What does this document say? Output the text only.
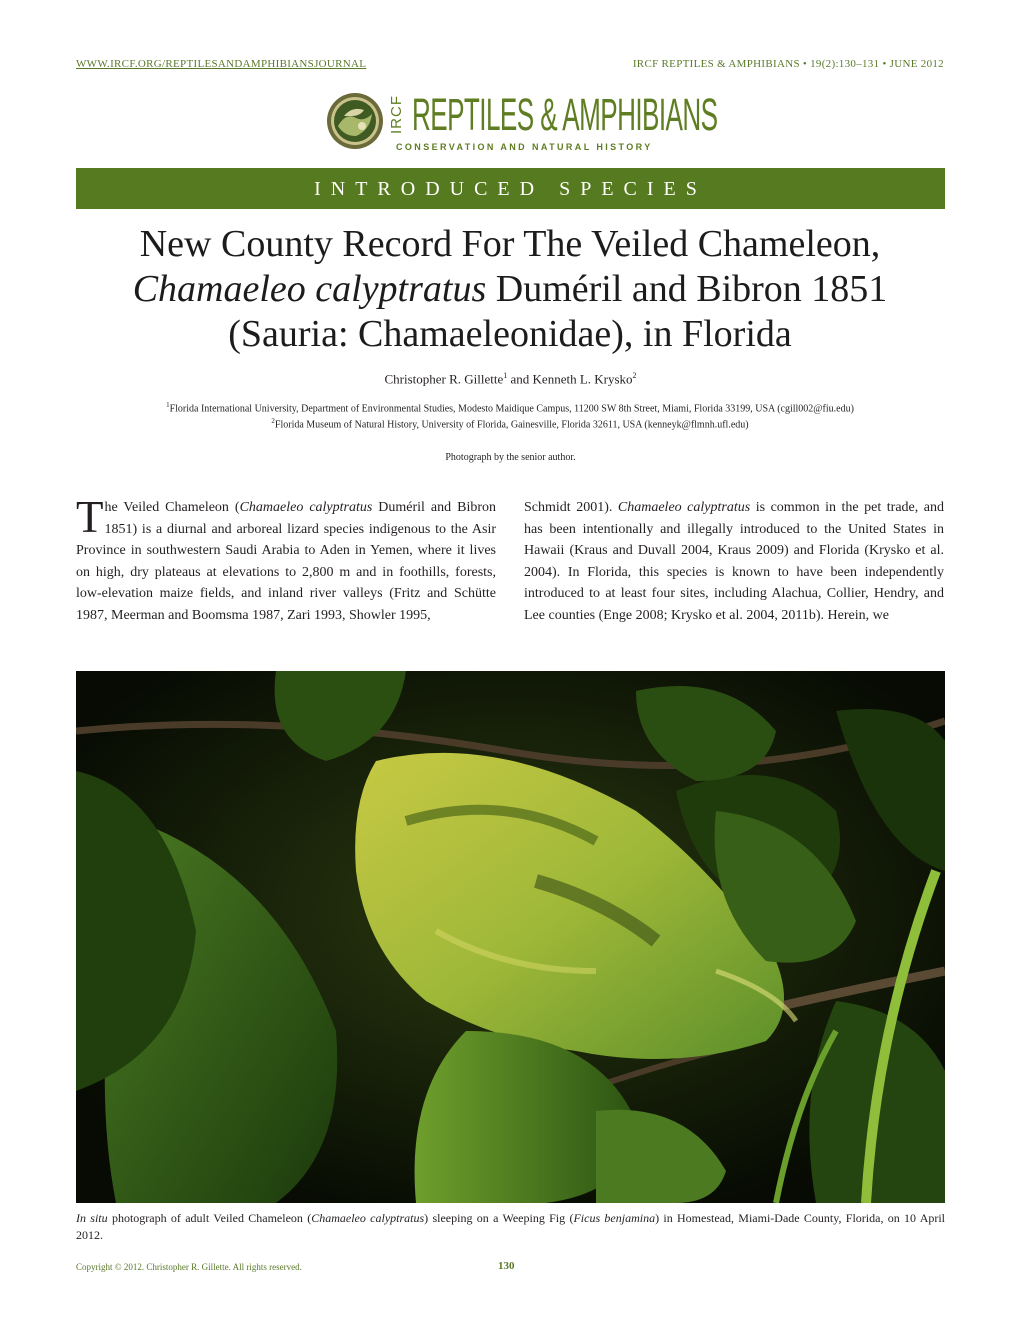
WWW.IRCF.ORG/REPTILESANDAMPHIBIANSJOURNAL	IRCF REPTILES & AMPHIBIANS • 19(2):130–131 • JUNE 2012
IRCF REPTILES & AMPHIBIANS
CONSERVATION AND NATURAL HISTORY
INTRODUCED SPECIES
New County Record For The Veiled Chameleon,
Chamaeleo calyptratus Duméril and Bibron 1851
(Sauria: Chamaeleonidae), in Florida
Christopher R. Gillette$^1$ and Kenneth L. Krysko$^2$
$^1$Florida International University, Department of Environmental Studies, Modesto Maidique Campus, 11200 SW 8th Street, Miami, Florida 33199, USA (cgill002@fiu.edu)
$^2$Florida Museum of Natural History, University of Florida, Gainesville, Florida 32611, USA (kenneyk@flmnh.ufl.edu)
Photograph by the senior author.

The Veiled Chameleon (Chamaeleo calyptratus Duméril and Bibron 1851) is a diurnal and arboreal lizard species indigenous to the Asir Province in southwestern Saudi Arabia to Aden in Yemen, where it lives on high, dry plateaus at elevations to 2,800 m and in foothills, forests, low-elevation maize fields, and inland river valleys (Fritz and Schütte 1987, Meerman and Boomsma 1987, Zari 1993, Showler 1995,

Schmidt 2001). Chamaeleo calyptratus is common in the pet trade, and has been intentionally and illegally introduced to the United States in Hawaii (Kraus and Duvall 2004, Kraus 2009) and Florida (Krysko et al. 2004). In Florida, this species is known to have been independently introduced to at least four sites, including Alachua, Collier, Hendry, and Lee counties (Enge 2008; Krysko et al. 2004, 2011b). Herein, we

In situ photograph of adult Veiled Chameleon (Chamaeleo calyptratus) sleeping on a Weeping Fig (Ficus benjamina) in Homestead, Miami-Dade County, Florida, on 10 April 2012.
Copyright © 2012. Christopher R. Gillette. All rights reserved.	130
